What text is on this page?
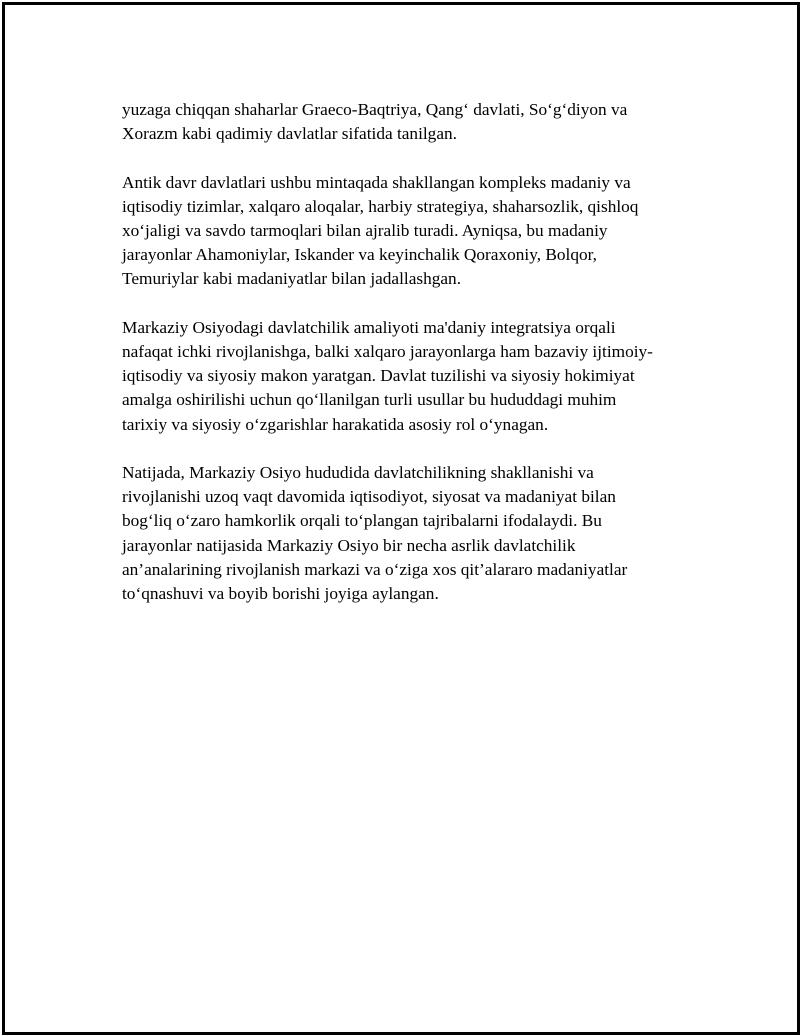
yuzaga chiqqan shaharlar Graeco-Baqtriya, Qang‘ davlati, So‘g‘diyon va
Xorazm kabi qadimiy davlatlar sifatida tanilgan.

Antik davr davlatlari ushbu mintaqada shakllangan kompleks madaniy va
iqtisodiy tizimlar, xalqaro aloqalar, harbiy strategiya, shaharsozlik, qishloq
xo‘jaligi va savdo tarmoqlari bilan ajralib turadi. Ayniqsa, bu madaniy
jarayonlar Ahamoniylar, Iskander va keyinchalik Qoraxoniy, Bolqor,
Temuriylar kabi madaniyatlar bilan jadallashgan.

Markaziy Osiyodagi davlatchilik amaliyoti ma'daniy integratsiya orqali
nafaqat ichki rivojlanishga, balki xalqaro jarayonlarga ham bazaviy ijtimoiy-
iqtisodiy va siyosiy makon yaratgan. Davlat tuzilishi va siyosiy hokimiyat
amalga oshirilishi uchun qo‘llanilgan turli usullar bu hududdagi muhim
tarixiy va siyosiy o‘zgarishlar harakatida asosiy rol o‘ynagan.

Natijada, Markaziy Osiyo hududida davlatchilikning shakllanishi va
rivojlanishi uzoq vaqt davomida iqtisodiyot, siyosat va madaniyat bilan
bog‘liq o‘zaro hamkorlik orqali to‘plangan tajribalarni ifodalaydi. Bu
jarayonlar natijasida Markaziy Osiyo bir necha asrlik davlatchilik
an’analarining rivojlanish markazi va o‘ziga xos qit’alararo madaniyatlar
to‘qnashuvi va boyib borishi joyiga aylangan.
